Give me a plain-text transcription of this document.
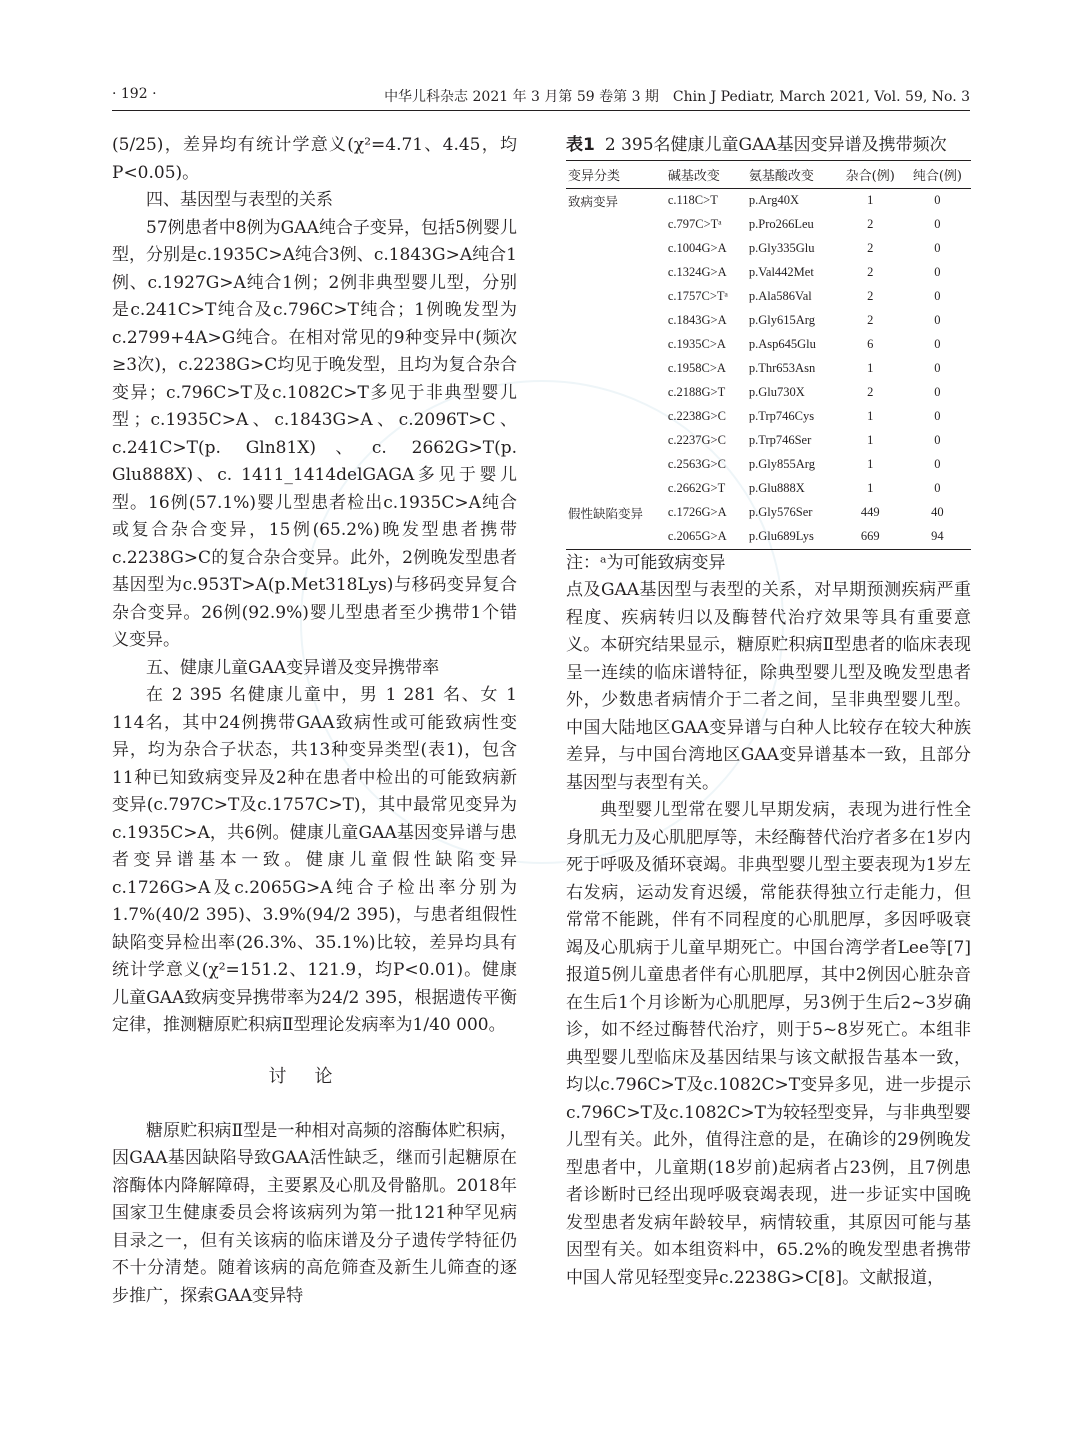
· 192 ·	中华儿科杂志 2021 年 3 月第 59 卷第 3 期　Chin J Pediatr, March 2021, Vol. 59, No. 3

(5/25)，差异均有统计学意义(χ²=4.71、4.45，均P<0.05)。

四、基因型与表型的关系

57例患者中8例为GAA纯合子变异，包括5例婴儿型，分别是c.1935C>A纯合3例、c.1843G>A纯合1例、c.1927G>A纯合1例；2例非典型婴儿型，分别是c.241C>T纯合及c.796C>T纯合；1例晚发型为c.2799+4A>G纯合。在相对常见的9种变异中(频次≥3次)，c.2238G>C均见于晚发型，且均为复合杂合变异；c.796C>T及c.1082C>T多见于非典型婴儿型；c.1935C>A、c.1843G>A、c.2096T>C、c.241C>T(p. Gln81X)、c. 2662G>T(p. Glu888X)、c. 1411_1414delGAGA多见于婴儿型。16例(57.1%)婴儿型患者检出c.1935C>A纯合或复合杂合变异，15例(65.2%)晚发型患者携带c.2238G>C的复合杂合变异。此外，2例晚发型患者基因型为c.953T>A(p.Met318Lys)与移码变异复合杂合变异。26例(92.9%)婴儿型患者至少携带1个错义变异。

五、健康儿童GAA变异谱及变异携带率

在 2 395 名健康儿童中，男 1 281 名、女 1 114名，其中24例携带GAA致病性或可能致病性变异，均为杂合子状态，共13种变异类型(表1)，包含11种已知致病变异及2种在患者中检出的可能致病新变异(c.797C>T及c.1757C>T)，其中最常见变异为c.1935C>A，共6例。健康儿童GAA基因变异谱与患者变异谱基本一致。健康儿童假性缺陷变异c.1726G>A及c.2065G>A纯合子检出率分别为1.7%(40/2 395)、3.9%(94/2 395)，与患者组假性缺陷变异检出率(26.3%、35.1%)比较，差异均具有统计学意义(χ²=151.2、121.9，均P<0.01)。健康儿童GAA致病变异携带率为24/2 395，根据遗传平衡定律，推测糖原贮积病Ⅱ型理论发病率为1/40 000。

讨论

糖原贮积病Ⅱ型是一种相对高频的溶酶体贮积病，因GAA基因缺陷导致GAA活性缺乏，继而引起糖原在溶酶体内降解障碍，主要累及心肌及骨骼肌。2018年国家卫生健康委员会将该病列为第一批121种罕见病目录之一，但有关该病的临床谱及分子遗传学特征仍不十分清楚。随着该病的高危筛查及新生儿筛查的逐步推广，探索GAA变异特

表1 2 395名健康儿童GAA基因变异谱及携带频次

变异分类	碱基改变	氨基酸改变	杂合(例)	纯合(例)
致病变异	c.118C>T	p.Arg40X	1	0
	c.797C>Tᵃ	p.Pro266Leu	2	0
	c.1004G>A	p.Gly335Glu	2	0
	c.1324G>A	p.Val442Met	2	0
	c.1757C>Tᵃ	p.Ala586Val	2	0
	c.1843G>A	p.Gly615Arg	2	0
	c.1935C>A	p.Asp645Glu	6	0
	c.1958C>A	p.Thr653Asn	1	0
	c.2188G>T	p.Glu730X	2	0
	c.2238G>C	p.Trp746Cys	1	0
	c.2237G>C	p.Trp746Ser	1	0
	c.2563G>C	p.Gly855Arg	1	0
	c.2662G>T	p.Glu888X	1	0
假性缺陷变异	c.1726G>A	p.Gly576Ser	449	40
	c.2065G>A	p.Glu689Lys	669	94

注：ᵃ为可能致病变异

点及GAA基因型与表型的关系，对早期预测疾病严重程度、疾病转归以及酶替代治疗效果等具有重要意义。本研究结果显示，糖原贮积病Ⅱ型患者的临床表现呈一连续的临床谱特征，除典型婴儿型及晚发型患者外，少数患者病情介于二者之间，呈非典型婴儿型。中国大陆地区GAA变异谱与白种人比较存在较大种族差异，与中国台湾地区GAA变异谱基本一致，且部分基因型与表型有关。

典型婴儿型常在婴儿早期发病，表现为进行性全身肌无力及心肌肥厚等，未经酶替代治疗者多在1岁内死于呼吸及循环衰竭。非典型婴儿型主要表现为1岁左右发病，运动发育迟缓，常能获得独立行走能力，但常常不能跳，伴有不同程度的心肌肥厚，多因呼吸衰竭及心肌病于儿童早期死亡。中国台湾学者Lee等[7]报道5例儿童患者伴有心肌肥厚，其中2例因心脏杂音在生后1个月诊断为心肌肥厚，另3例于生后2~3岁确诊，如不经过酶替代治疗，则于5~8岁死亡。本组非典型婴儿型临床及基因结果与该文献报告基本一致，均以c.796C>T及c.1082C>T变异多见，进一步提示c.796C>T及c.1082C>T为较轻型变异，与非典型婴儿型有关。此外，值得注意的是，在确诊的29例晚发型患者中，儿童期(18岁前)起病者占23例，且7例患者诊断时已经出现呼吸衰竭表现，进一步证实中国晚发型患者发病年龄较早，病情较重，其原因可能与基因型有关。如本组资料中，65.2%的晚发型患者携带中国人常见轻型变异c.2238G>C[8]。文献报道，
